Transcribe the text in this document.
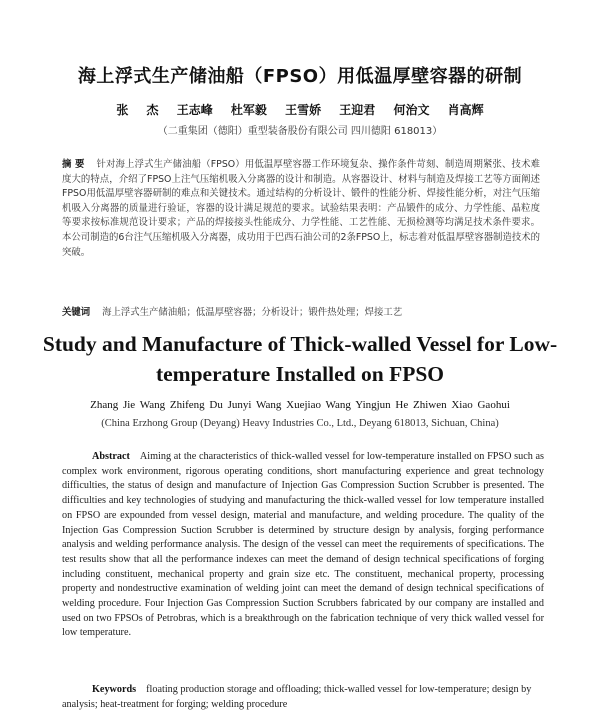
海上浮式生产储油船（FPSO）用低温厚壁容器的研制
张 杰 王志峰 杜军毅 王雪娇 王迎君 何治文 肖高辉
（二重集团（德阳）重型装备股份有限公司 四川德阳 618013）
摘 要 针对海上浮式生产储油船（FPSO）用低温厚壁容器工作环境复杂、操作条件苛刻、制造周期紧张、技术难度大的特点，介绍了FPSO上注气压缩机吸入分离器的设计和制造。从容器设计、材料与制造及焊接工艺等方面阐述FPSO用低温厚壁容器研制的难点和关键技术。通过结构的分析设计、锻件的性能分析、焊接性能分析，对注气压缩机吸入分离器的质量进行验证，容器的设计满足规范的要求。试验结果表明：产品锻件的成分、力学性能、晶粒度等要求按标准规范设计要求；产品的焊接接头性能成分、力学性能、工艺性能、无损检测等均满足技术条件要求。本公司制造的6台注气压缩机吸入分离器，成功用于巴西石油公司的2条FPSO上，标志着对低温厚壁容器制造技术的突破。
关键词 海上浮式生产储油船；低温厚壁容器；分析设计；锻件热处理；焊接工艺
Study and Manufacture of Thick-walled Vessel for Low-temperature Installed on FPSO
Zhang Jie Wang Zhifeng Du Junyi Wang Xuejiao Wang Yingjun He Zhiwen Xiao Gaohui
(China Erzhong Group (Deyang) Heavy Industries Co., Ltd., Deyang 618013, Sichuan, China)
Abstract Aiming at the characteristics of thick-walled vessel for low-temperature installed on FPSO such as complex work environment, rigorous operating conditions, short manufacturing experience and great technology difficulties, the status of design and manufacture of Injection Gas Compression Suction Scrubber is presented. The difficulties and key technologies of studying and manufacturing the thick-walled vessel for low temperature installed on FPSO are expounded from vessel design, material and manufacture, and welding procedure. The quality of the Injection Gas Compression Suction Scrubber is determined by structure design by analysis, forging performance analysis and welding performance analysis. The design of the vessel can meet the requirements of specifications. The test results show that all the performance indexes can meet the demand of design technical specifications of forging including constituent, mechanical property and grain size etc. The constituent, mechanical property, processing property and nondestructive examination of welding joint can meet the demand of design technical specifications of welding procedure. Four Injection Gas Compression Suction Scrubbers fabricated by our company are installed and used on two FPSOs of Petrobras, which is a breakthrough on the fabrication technique of very thick walled vessel for low temperature.
Keywords floating production storage and offloading; thick-walled vessel for low-temperature; design by analysis; heat-treatment for forging; welding procedure
